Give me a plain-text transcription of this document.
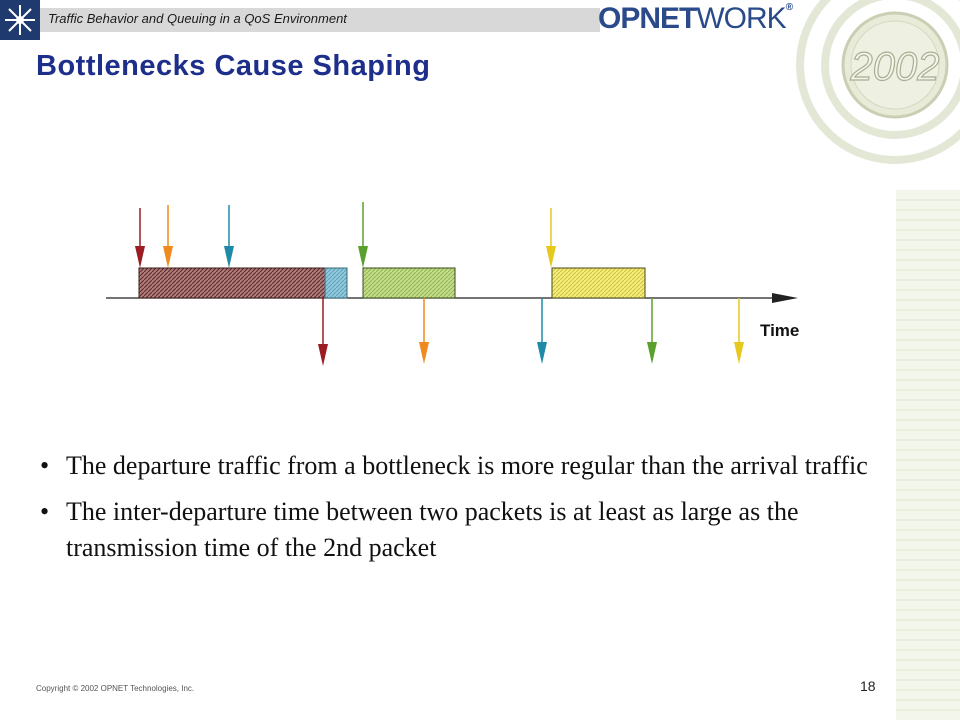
Traffic Behavior and Queuing in a QoS Environment	OPNETWORK®
2002
Bottlenecks Cause Shaping
Time
• The departure traffic from a bottleneck is more regular than the arrival traffic
• The inter-departure time between two packets is at least as large as the transmission time of the 2nd packet
Copyright © 2002 OPNET Technologies, Inc.	18
